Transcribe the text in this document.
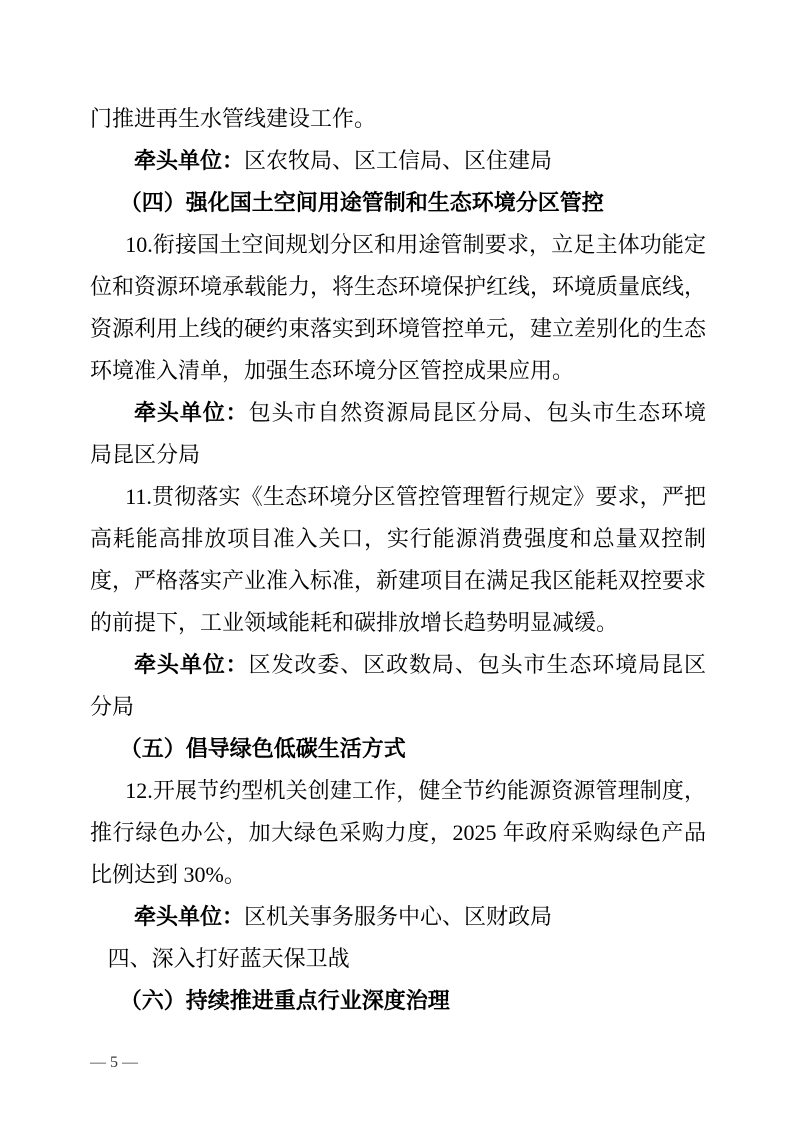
门推进再生水管线建设工作。

牵头单位：区农牧局、区工信局、区住建局

（四）强化国土空间用途管制和生态环境分区管控

10.衔接国土空间规划分区和用途管制要求，立足主体功能定位和资源环境承载能力，将生态环境保护红线，环境质量底线，资源利用上线的硬约束落实到环境管控单元，建立差别化的生态环境准入清单，加强生态环境分区管控成果应用。

牵头单位：包头市自然资源局昆区分局、包头市生态环境局昆区分局

11.贯彻落实《生态环境分区管控管理暂行规定》要求，严把高耗能高排放项目准入关口，实行能源消费强度和总量双控制度，严格落实产业准入标准，新建项目在满足我区能耗双控要求的前提下，工业领域能耗和碳排放增长趋势明显减缓。

牵头单位：区发改委、区政数局、包头市生态环境局昆区分局

（五）倡导绿色低碳生活方式

12.开展节约型机关创建工作，健全节约能源资源管理制度，推行绿色办公，加大绿色采购力度，2025 年政府采购绿色产品比例达到 30%。

牵头单位：区机关事务服务中心、区财政局

四、深入打好蓝天保卫战

（六）持续推进重点行业深度治理

— 5 —
